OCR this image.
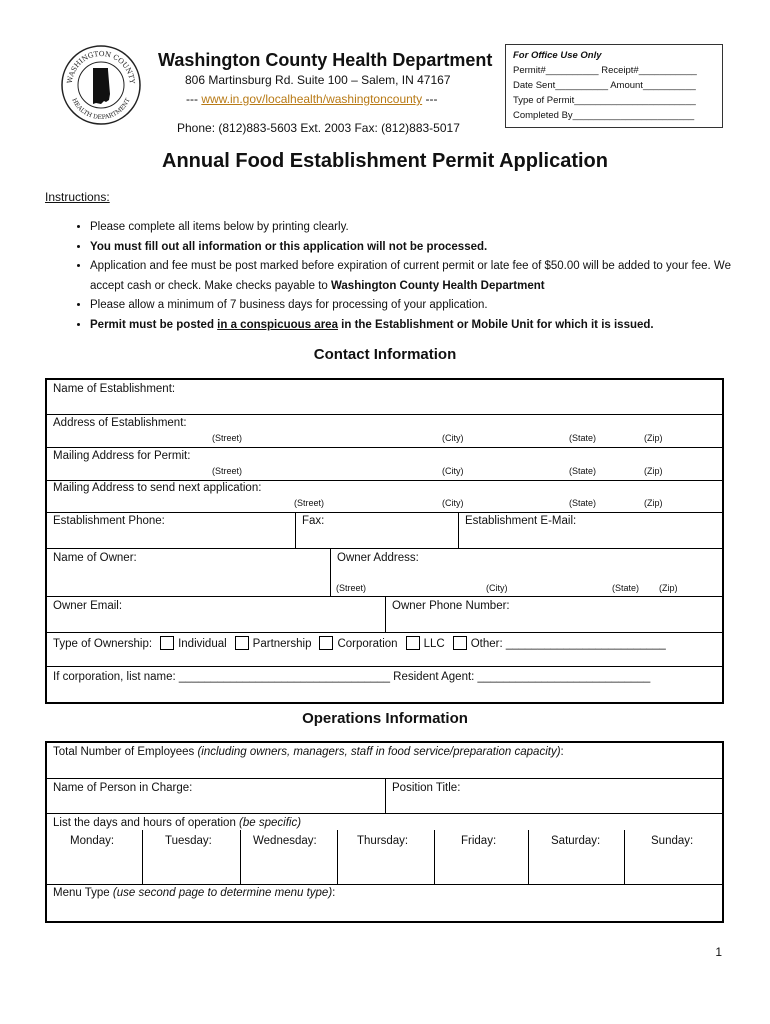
WASHINGTON COUNTY
HEALTH DEPARTMENT
Washington County Health Department
806 Martinsburg Rd. Suite 100 – Salem, IN 47167
--- www.in.gov/localhealth/washingtoncounty ---
Phone: (812)883-5603 Ext. 2003 Fax: (812)883-5017
For Office Use Only
Permit#__________ Receipt#___________
Date Sent__________ Amount__________
Type of Permit_______________________
Completed By_______________________
Annual Food Establishment Permit Application
Instructions:
• Please complete all items below by printing clearly.
• You must fill out all information or this application will not be processed.
• Application and fee must be post marked before expiration of current permit or late fee of $50.00 will be added to your fee. We accept cash or check. Make checks payable to Washington County Health Department
• Please allow a minimum of 7 business days for processing of your application.
• Permit must be posted in a conspicuous area in the Establishment or Mobile Unit for which it is issued.
Contact Information
Name of Establishment:
Address of Establishment:
(Street)	(City)	(State)	(Zip)
Mailing Address for Permit:
(Street)	(City)	(State)	(Zip)
Mailing Address to send next application:
(Street)	(City)	(State)	(Zip)
Establishment Phone:	Fax:	Establishment E-Mail:
Name of Owner:	Owner Address:
(Street)	(City)	(State) (Zip)
Owner Email:	Owner Phone Number:
Type of Ownership: Individual Partnership Corporation LLC Other: _________________________
If corporation, list name: _________________________________ Resident Agent: ___________________________
Operations Information
Total Number of Employees (including owners, managers, staff in food service/preparation capacity):
Name of Person in Charge:	Position Title:
List the days and hours of operation (be specific)
Monday:	Tuesday:	Wednesday:	Thursday:	Friday:	Saturday:	Sunday:
Menu Type (use second page to determine menu type):
1
